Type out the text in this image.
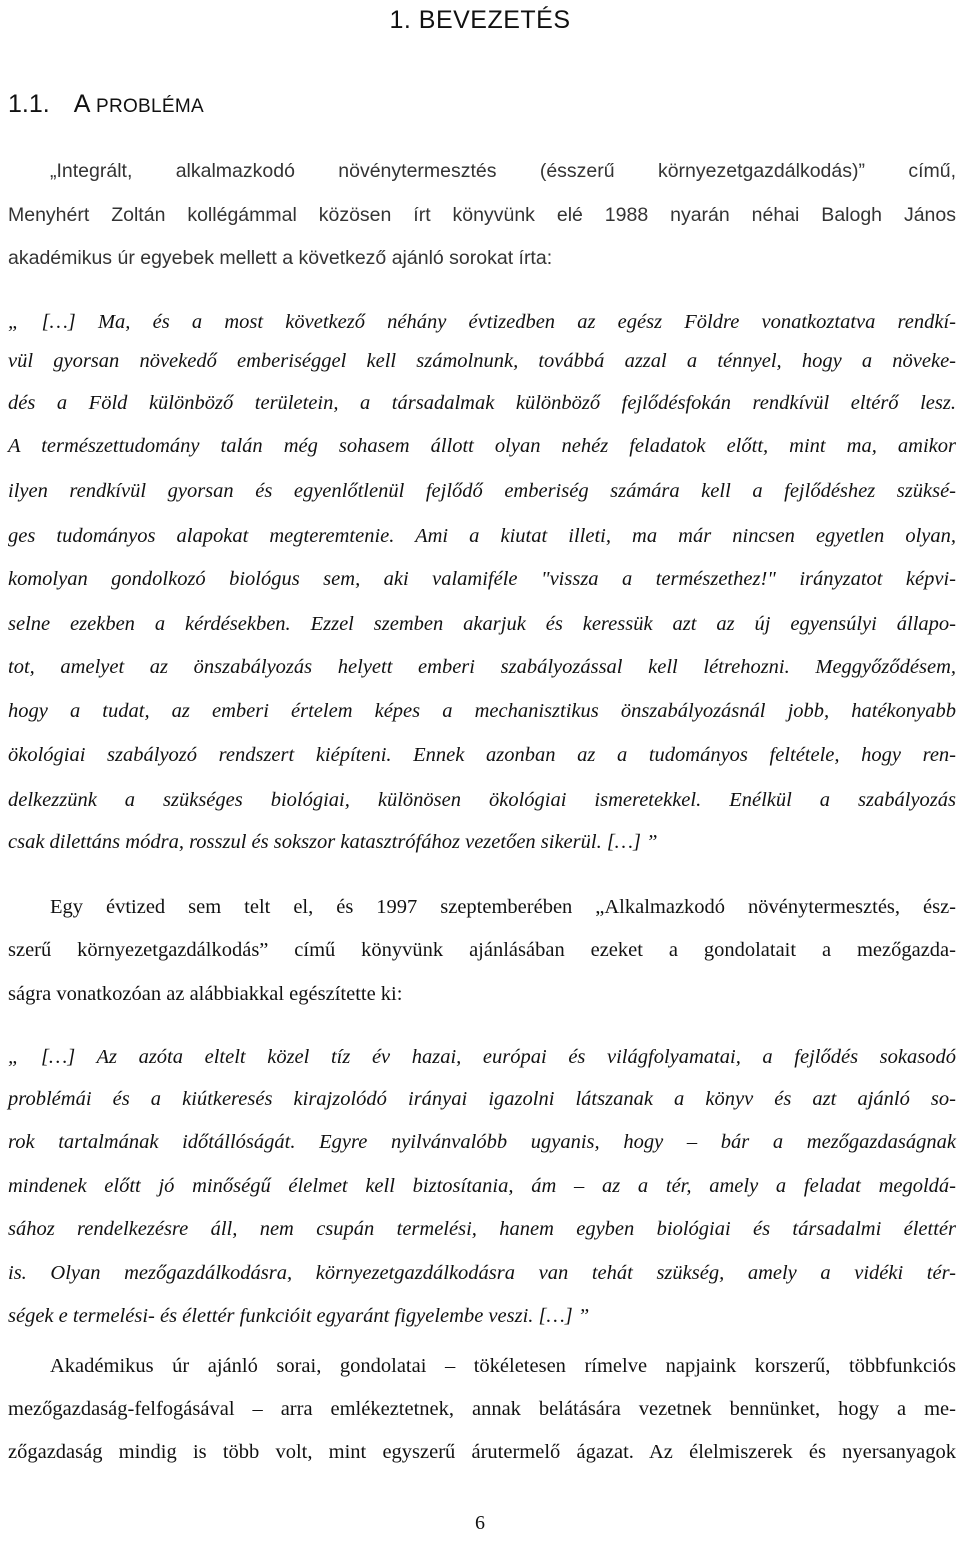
1. BEVEZETÉS
1.1. A PROBLÉMA
„Integrált, alkalmazkodó növénytermesztés (ésszerű környezetgazdálkodás)” című,
Menyhért Zoltán kollégámmal közösen írt könyvünk elé 1988 nyarán néhai Balogh János
akadémikus úr egyebek mellett a következő ajánló sorokat írta:
„ […] Ma, és a most következő néhány évtizedben az egész Földre vonatkoztatva rendkí-
vül gyorsan növekedő emberiséggel kell számolnunk, továbbá azzal a ténnyel, hogy a növeke-
dés a Föld különböző területein, a társadalmak különböző fejlődésfokán rendkívül eltérő lesz.
A természettudomány talán még sohasem állott olyan nehéz feladatok előtt, mint ma, amikor
ilyen rendkívül gyorsan és egyenlőtlenül fejlődő emberiség számára kell a fejlődéshez szüksé-
ges tudományos alapokat megteremtenie. Ami a kiutat illeti, ma már nincsen egyetlen olyan,
komolyan gondolkozó biológus sem, aki valamiféle "vissza a természethez!" irányzatot képvi-
selne ezekben a kérdésekben. Ezzel szemben akarjuk és keressük azt az új egyensúlyi állapo-
tot, amelyet az önszabályozás helyett emberi szabályozással kell létrehozni. Meggyőződésem,
hogy a tudat, az emberi értelem képes a mechanisztikus önszabályozásnál jobb, hatékonyabb
ökológiai szabályozó rendszert kiépíteni. Ennek azonban az a tudományos feltétele, hogy ren-
delkezzünk a szükséges biológiai, különösen ökológiai ismeretekkel. Enélkül a szabályozás
csak dilettáns módra, rosszul és sokszor katasztrófához vezetően sikerül. […] ”
Egy évtized sem telt el, és 1997 szeptemberében „Alkalmazkodó növénytermesztés, ész-
szerű környezetgazdálkodás” című könyvünk ajánlásában ezeket a gondolatait a mezőgazda-
ságra vonatkozóan az alábbiakkal egészítette ki:
„ […] Az azóta eltelt közel tíz év hazai, európai és világfolyamatai, a fejlődés sokasodó
problémái és a kiútkeresés kirajzolódó irányai igazolni látszanak a könyv és azt ajánló so-
rok tartalmának időtállóságát. Egyre nyilvánvalóbb ugyanis, hogy – bár a mezőgazdaságnak
mindenek előtt jó minőségű élelmet kell biztosítania, ám – az a tér, amely a feladat megoldá-
sához rendelkezésre áll, nem csupán termelési, hanem egyben biológiai és társadalmi élettér
is. Olyan mezőgazdálkodásra, környezetgazdálkodásra van tehát szükség, amely a vidéki tér-
ségek e termelési- és élettér funkcióit egyaránt figyelembe veszi. […] ”
Akadémikus úr ajánló sorai, gondolatai – tökéletesen rímelve napjaink korszerű, többfunkciós
mezőgazdaság-felfogásával – arra emlékeztetnek, annak belátására vezetnek bennünket, hogy a me-
zőgazdaság mindig is több volt, mint egyszerű árutermelő ágazat. Az élelmiszerek és nyersanyagok
6
